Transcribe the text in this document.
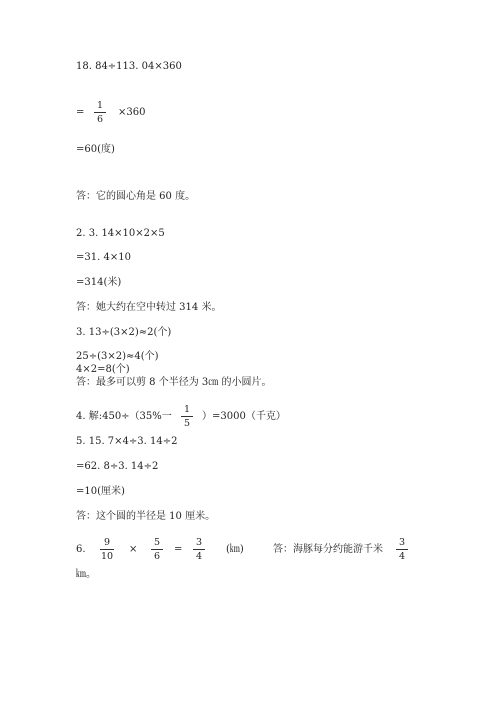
18. 84÷113. 04×360
=
1
6
×360
=60(度)
答：它的圆心角是 60 度。
2. 3. 14×10×2×5
=31. 4×10
=314(米)
答：她大约在空中转过 314 米。
3. 13÷(3×2)≈2(个)
25÷(3×2)≈4(个)
4×2=8(个)
答：最多可以剪 8 个半径为 3㎝ 的小圆片。
4. 解:450÷（35%一
1
5
）=3000（千克）
5. 15. 7×4÷3. 14÷2
=62. 8÷3. 14÷2
=10(厘米)
答：这个圆的半径是 10 厘米。
6.
9
10
×
5
6
=
3
4
(㎞)	答：海豚每分约能游千米
3
4
㎞。
